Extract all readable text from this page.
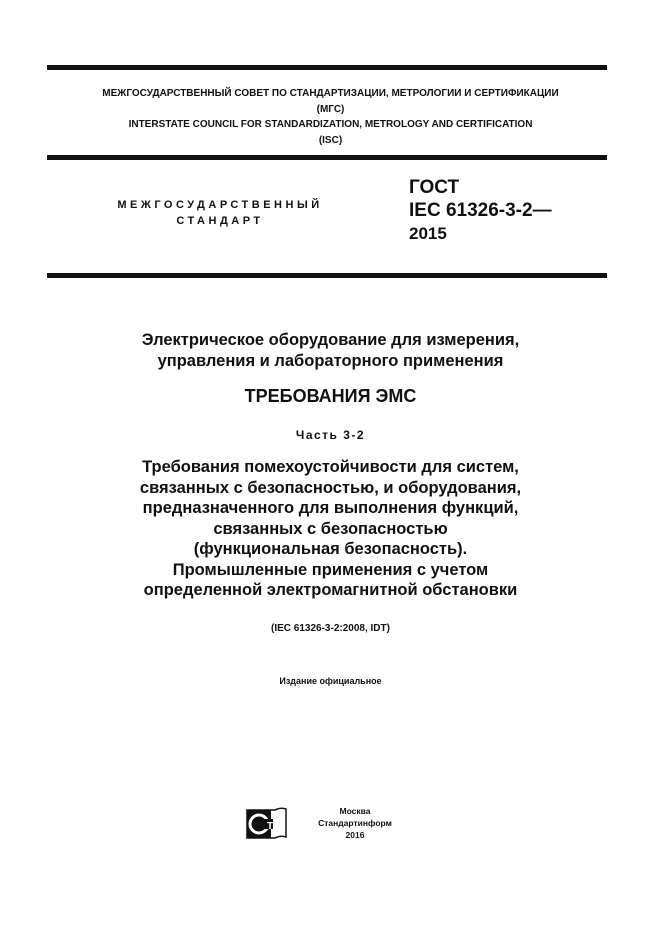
МЕЖГОСУДАРСТВЕННЫЙ СОВЕТ ПО СТАНДАРТИЗАЦИИ, МЕТРОЛОГИИ И СЕРТИФИКАЦИИ
(МГС)
INTERSTATE COUNCIL FOR STANDARDIZATION, METROLOGY AND CERTIFICATION
(ISC)
МЕЖГОСУДАРСТВЕННЫЙ
СТАНДАРТ
ГОСТ
IEC 61326-3-2—
2015
Электрическое оборудование для измерения,
управления и лабораторного применения
ТРЕБОВАНИЯ ЭМС
Часть 3-2
Требования помехоустойчивости для систем,
связанных с безопасностью, и оборудования,
предназначенного для выполнения функций,
связанных с безопасностью
(функциональная безопасность).
Промышленные применения с учетом
определенной электромагнитной обстановки
(IEC 61326-3-2:2008, IDT)
Издание официальное
ТИ
Москва
Стандартинформ
2016
